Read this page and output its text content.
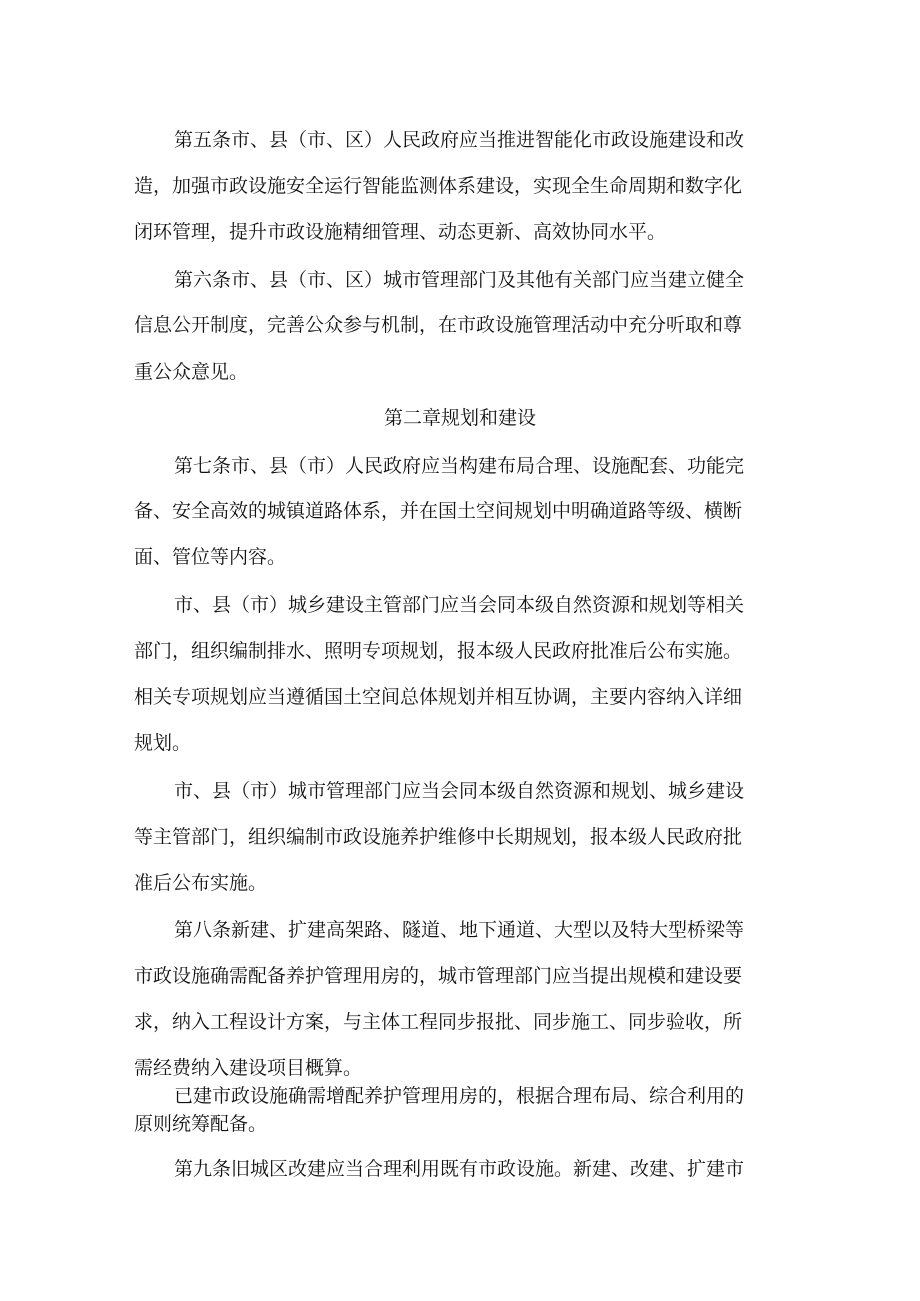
第五条市、县（市、区）人民政府应当推进智能化市政设施建设和改
造，加强市政设施安全运行智能监测体系建设，实现全生命周期和数字化
闭环管理，提升市政设施精细管理、动态更新、高效协同水平。
第六条市、县（市、区）城市管理部门及其他有关部门应当建立健全
信息公开制度，完善公众参与机制，在市政设施管理活动中充分听取和尊
重公众意见。
第二章规划和建设
第七条市、县（市）人民政府应当构建布局合理、设施配套、功能完
备、安全高效的城镇道路体系，并在国土空间规划中明确道路等级、横断
面、管位等内容。
市、县（市）城乡建设主管部门应当会同本级自然资源和规划等相关
部门，组织编制排水、照明专项规划，报本级人民政府批准后公布实施。
相关专项规划应当遵循国土空间总体规划并相互协调，主要内容纳入详细
规划。
市、县（市）城市管理部门应当会同本级自然资源和规划、城乡建设
等主管部门，组织编制市政设施养护维修中长期规划，报本级人民政府批
准后公布实施。
第八条新建、扩建高架路、隧道、地下通道、大型以及特大型桥梁等
市政设施确需配备养护管理用房的，城市管理部门应当提出规模和建设要
求，纳入工程设计方案，与主体工程同步报批、同步施工、同步验收，所
需经费纳入建设项目概算。
已建市政设施确需增配养护管理用房的，根据合理布局、综合利用的
原则统筹配备。
第九条旧城区改建应当合理利用既有市政设施。新建、改建、扩建市
